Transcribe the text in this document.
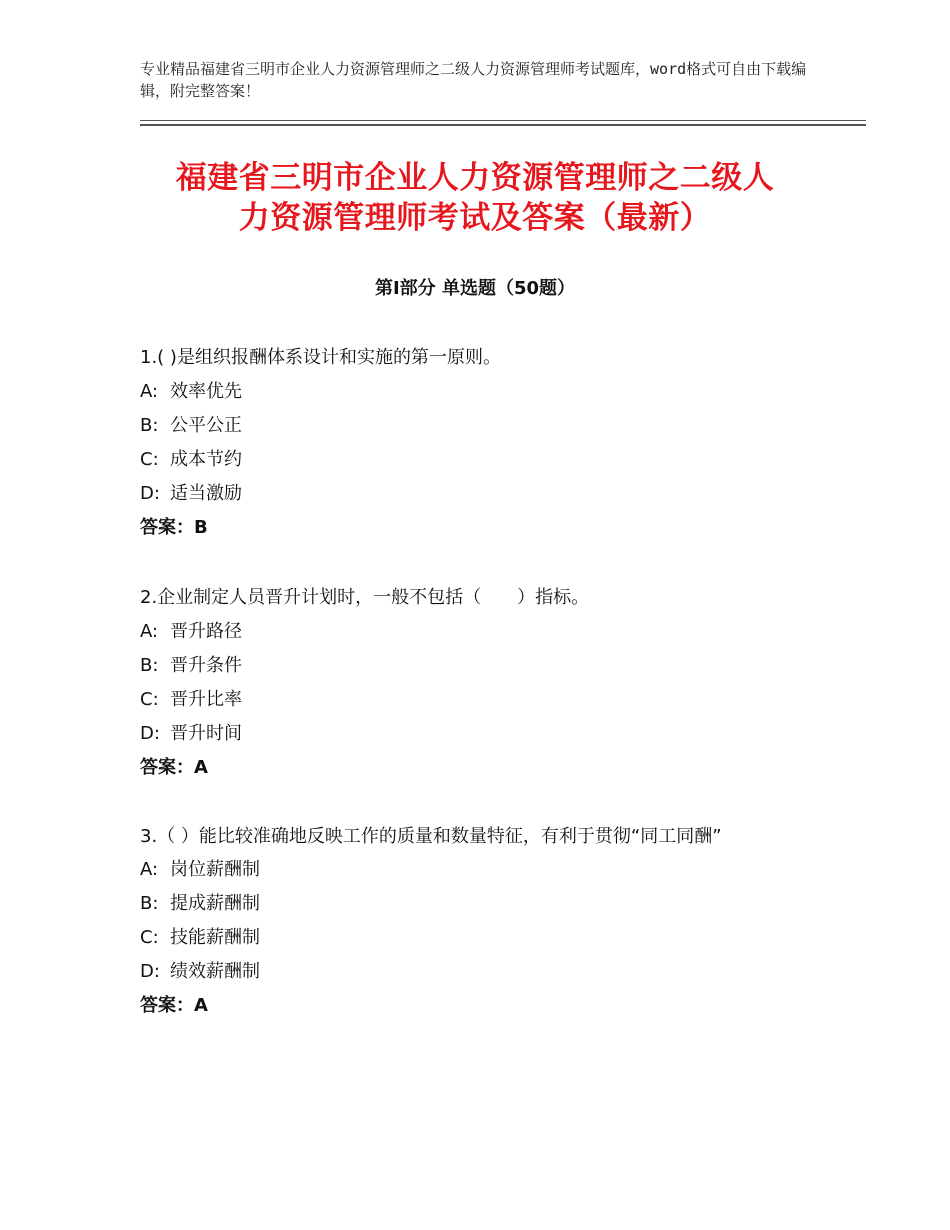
专业精品福建省三明市企业人力资源管理师之二级人力资源管理师考试题库，word格式可自由下载编辑，附完整答案！
福建省三明市企业人力资源管理师之二级人
力资源管理师考试及答案（最新）
第Ⅰ部分 单选题（50题）

1.( )是组织报酬体系设计和实施的第一原则。

A: 效率优先
B: 公平公正
C: 成本节约
D: 适当激励
答案：B

2.企业制定人员晋升计划时，一般不包括（　　）指标。

A: 晋升路径
B: 晋升条件
C: 晋升比率
D: 晋升时间
答案：A

3.（ ）能比较准确地反映工作的质量和数量特征，有利于贯彻“同工同酬”

A: 岗位薪酬制
B: 提成薪酬制
C: 技能薪酬制
D: 绩效薪酬制
答案：A
